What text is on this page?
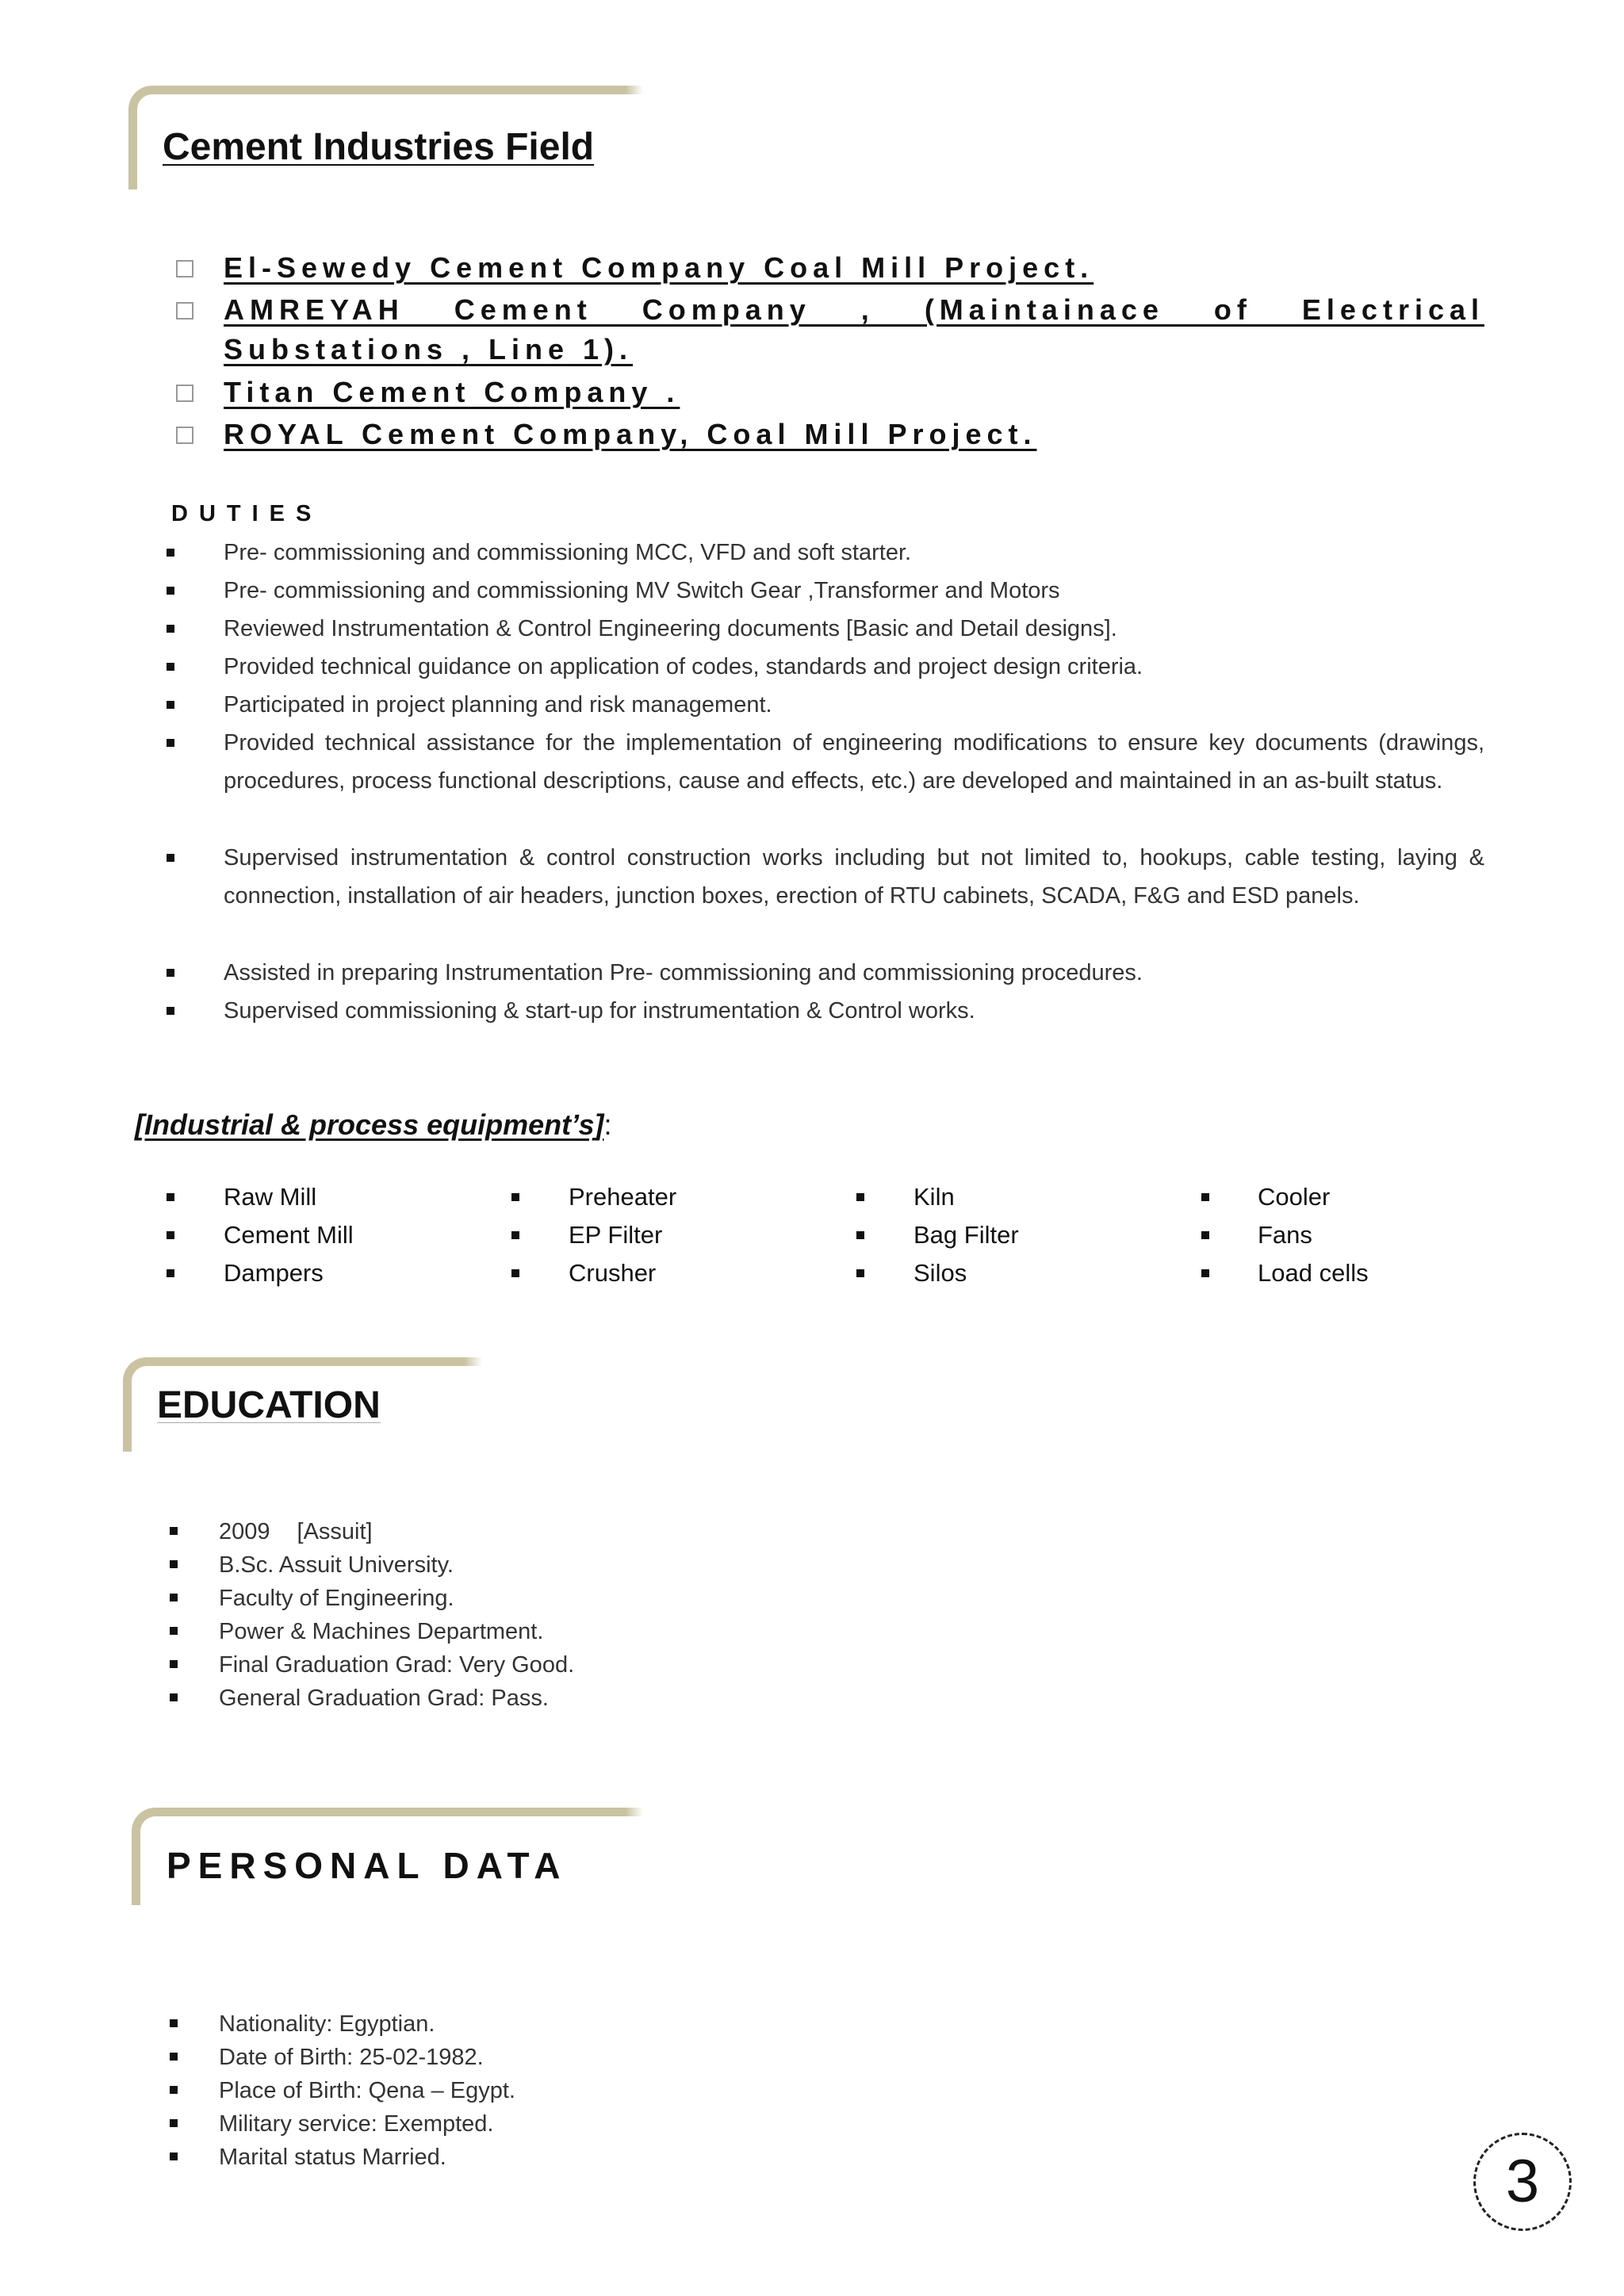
Cement Industries Field
El-Sewedy Cement Company Coal Mill Project.
AMREYAH Cement Company , (Maintainace of Electrical
Substations , Line 1).
Titan Cement Company .
ROYAL Cement Company, Coal Mill Project.
DUTIES
Pre- commissioning and commissioning MCC, VFD and soft starter.
Pre- commissioning and commissioning MV Switch Gear ,Transformer and Motors
Reviewed Instrumentation & Control Engineering documents [Basic and Detail designs].
Provided technical guidance on application of codes, standards and project design criteria.
Participated in project planning and risk management.
Provided technical assistance for the implementation of engineering modifications to ensure key documents (drawings, procedures, process functional descriptions, cause and effects, etc.) are developed and maintained in an as-built status.
Supervised instrumentation & control construction works including but not limited to, hookups, cable testing, laying & connection, installation of air headers, junction boxes, erection of RTU cabinets, SCADA, F&G and ESD panels.
Assisted in preparing Instrumentation Pre- commissioning and commissioning procedures.
Supervised commissioning & start-up for instrumentation & Control works.
[Industrial & process equipment’s]:
Raw Mill	Preheater	Kiln	Cooler
Cement Mill	EP Filter	Bag Filter	Fans
Dampers	Crusher	Silos	Load cells
EDUCATION
2009 [Assuit]
B.Sc. Assuit University.
Faculty of Engineering.
Power & Machines Department.
Final Graduation Grad: Very Good.
General Graduation Grad: Pass.
PERSONAL DATA
Nationality: Egyptian.
Date of Birth: 25-02-1982.
Place of Birth: Qena – Egypt.
Military service: Exempted.
Marital status Married.	3
